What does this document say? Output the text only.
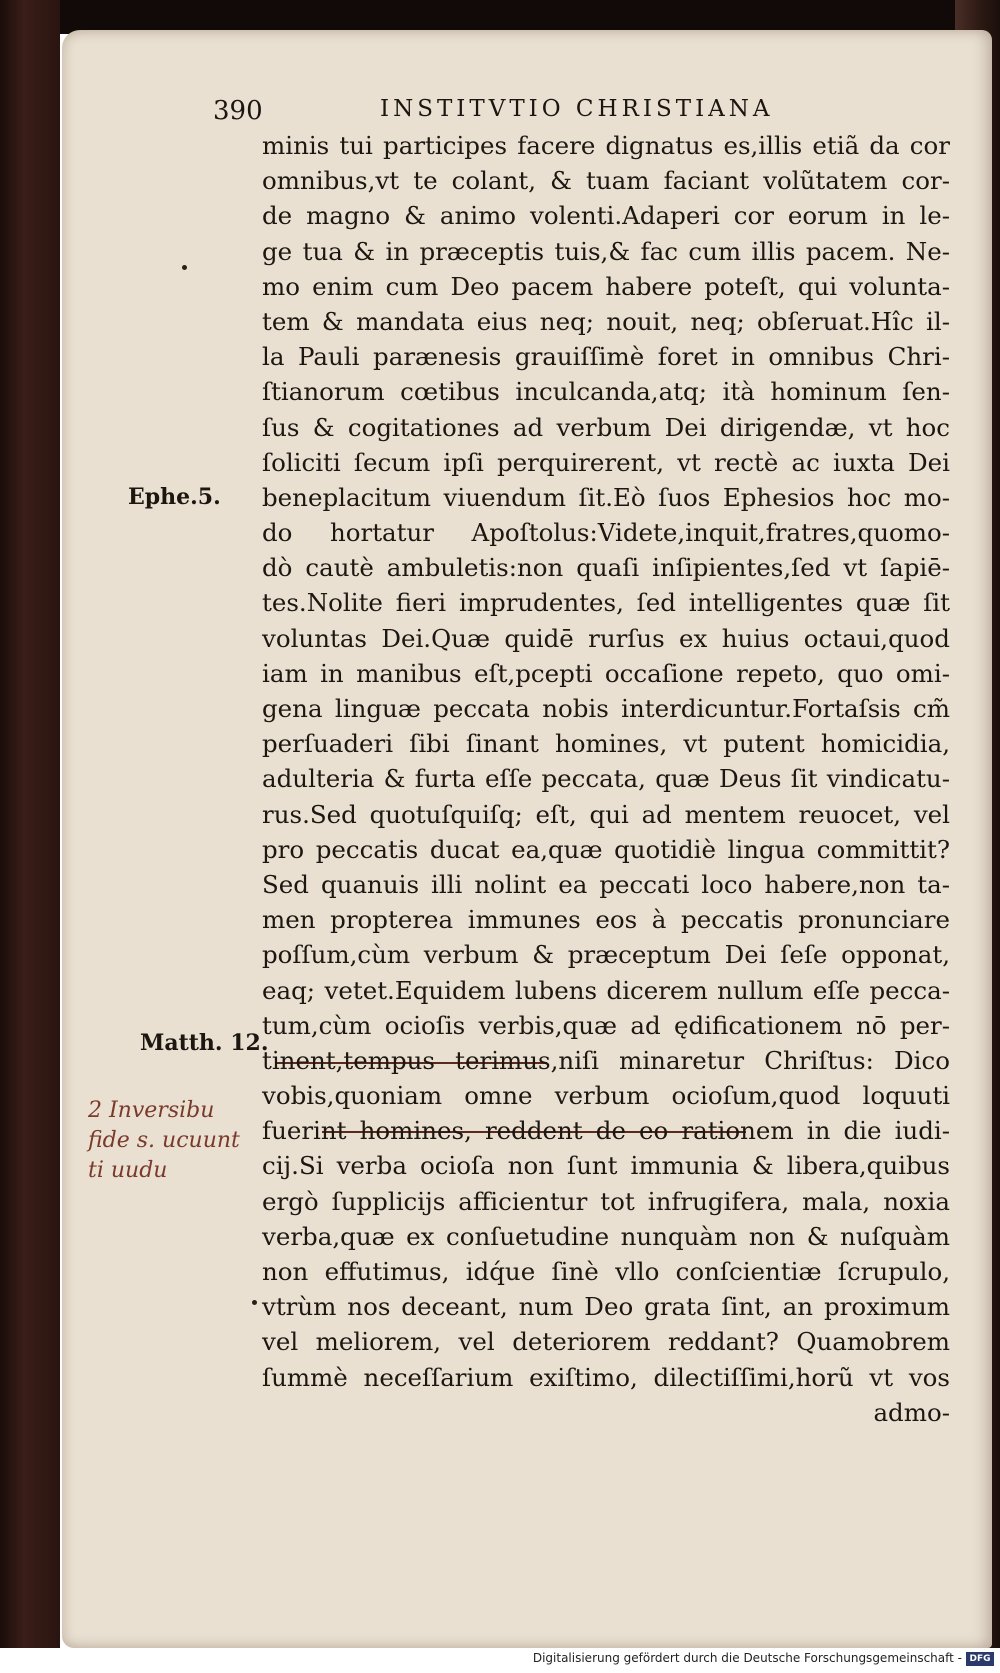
390	INSTITVTIO CHRISTIANA
Ephe.5.
Matth. 12.
2 Inversibu
fide s. ucuunt
ti uudu
minis tui participes facere dignatus es,illis etiã da cor
omnibus,vt te colant, & tuam faciant volũtatem cor-
de magno & animo volenti.Adaperi cor eorum in le-
ge tua & in præceptis tuis,& fac cum illis pacem. Ne-
mo enim cum Deo pacem habere poteſt, qui volunta-
tem & mandata eius neq; nouit, neq; obſeruat.Hîc il-
la Pauli parænesis grauiſſimè foret in omnibus Chri-
ſtianorum cœtibus inculcanda,atq; ità hominum ſen-
ſus & cogitationes ad verbum Dei dirigendæ, vt hoc
ſoliciti ſecum ipſi perquirerent, vt rectè ac iuxta Dei
beneplacitum viuendum ſit.Eò ſuos Ephesios hoc mo-
do hortatur Apoſtolus:Videte,inquit,fratres,quomo-
dò cautè ambuletis:non quaſi inſipientes,ſed vt ſapiē-
tes.Nolite fieri imprudentes, ſed intelligentes quæ ſit
voluntas Dei.Quæ quidē rurſus ex huius octaui,quod
iam in manibus eſt,pcepti occaſione repeto, quo omi-
gena linguæ peccata nobis interdicuntur.Fortaſsis cm̃
perſuaderi ſibi ſinant homines, vt putent homicidia,
adulteria & furta eſſe peccata, quæ Deus ſit vindicatu-
rus.Sed quotuſquiſq; eſt, qui ad mentem reuocet, vel
pro peccatis ducat ea,quæ quotidiè lingua committit?
Sed quanuis illi nolint ea peccati loco habere,non ta-
men propterea immunes eos à peccatis pronunciare
poſſum,cùm verbum & præceptum Dei ſeſe opponat,
eaq; vetet.Equidem lubens dicerem nullum eſſe pecca-
tum,cùm ocioſis verbis,quæ ad ędificationem nō per-
tinent,tempus terimus,niſi minaretur Chriſtus: Dico
vobis,quoniam omne verbum ocioſum,quod loquuti
fuerint homines, reddent de eo rationem in die iudi-
cij.Si verba ocioſa non ſunt immunia & libera,quibus
ergò ſupplicijs afficientur tot infrugifera, mala, noxia
verba,quæ ex conſuetudine nunquàm non & nuſquàm
non effutimus, idq́ue ſinè vllo conſcientiæ ſcrupulo,
vtrùm nos deceant, num Deo grata ſint, an proximum
vel meliorem, vel deteriorem reddant? Quamobrem
ſummè neceſſarium exiſtimo, dilectiſſimi,horũ vt vos
admo-
Digitalisierung gefördert durch die Deutsche Forschungsgemeinschaft - DFG
